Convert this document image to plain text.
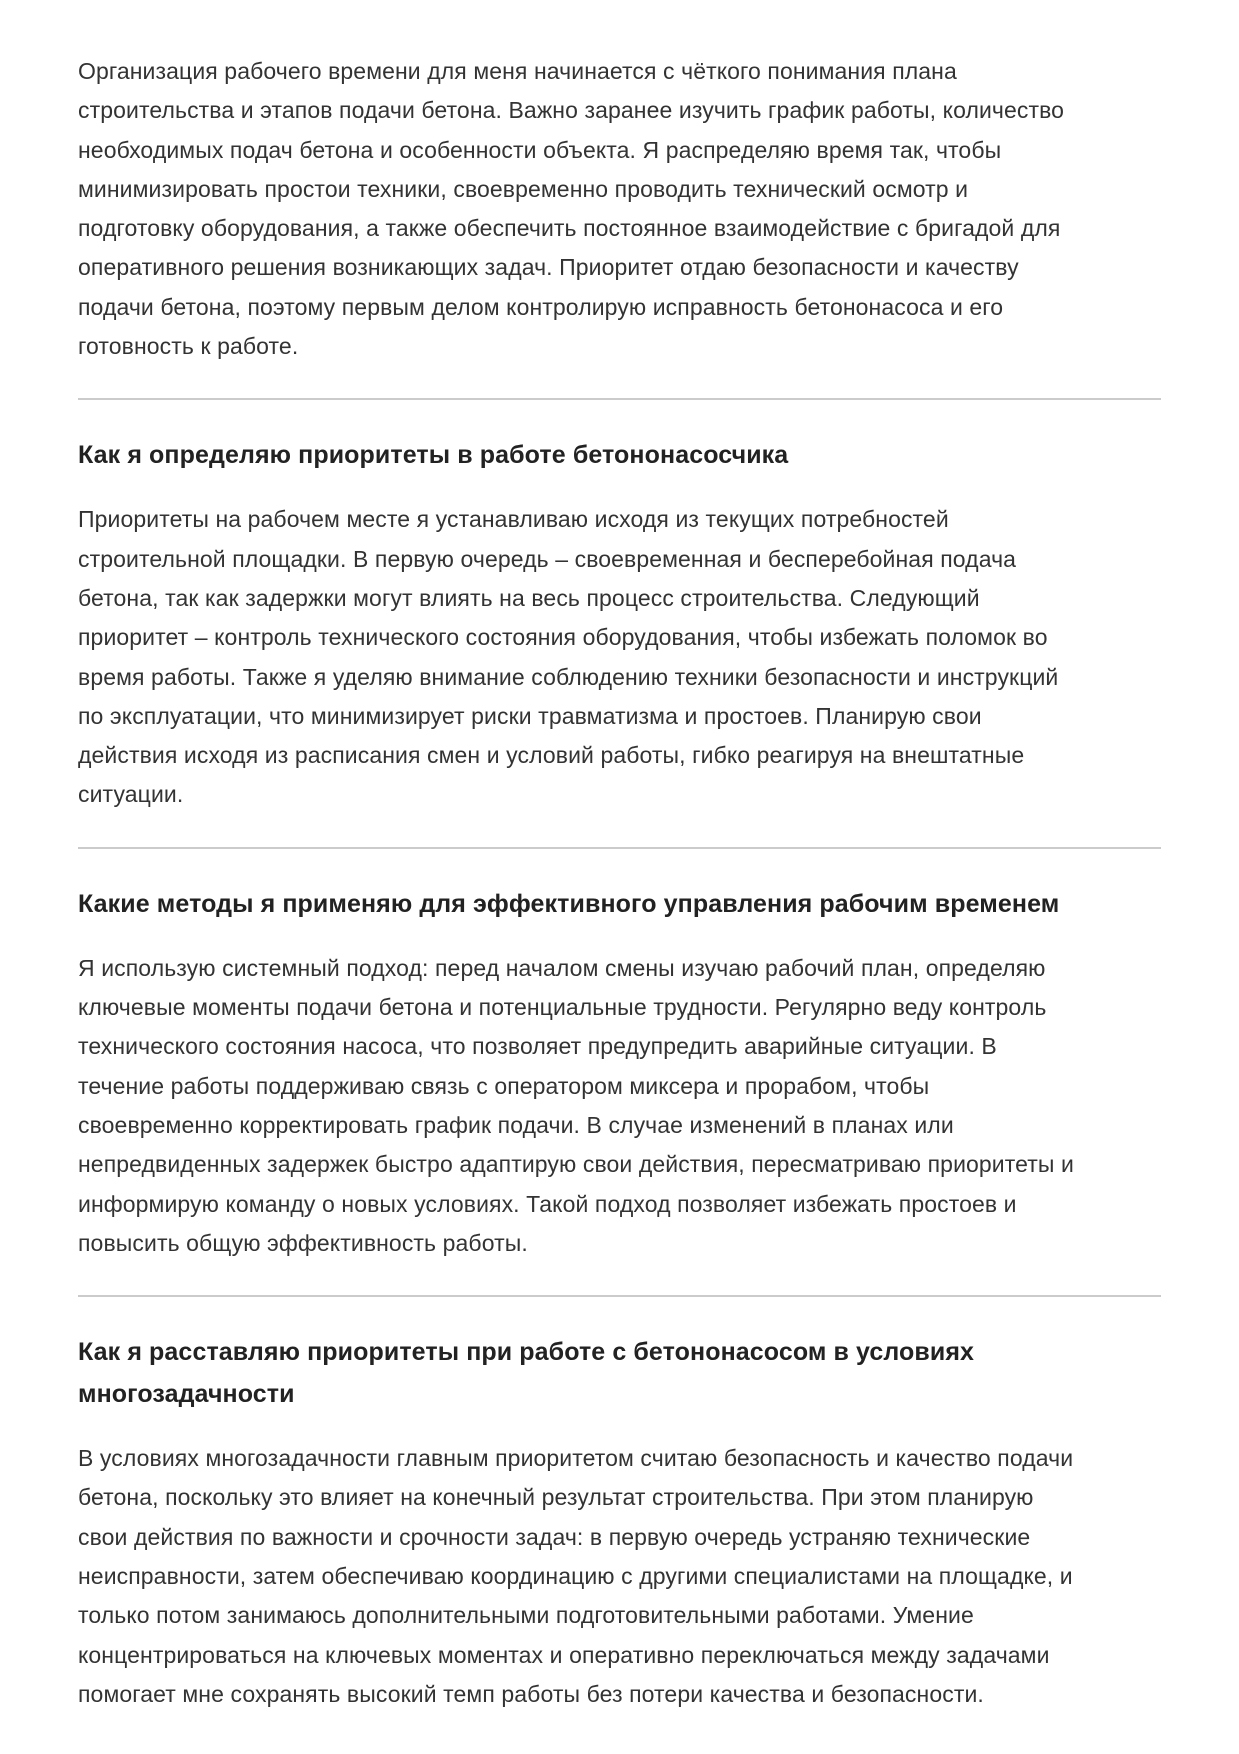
Организация рабочего времени для меня начинается с чёткого понимания плана
строительства и этапов подачи бетона. Важно заранее изучить график работы, количество
необходимых подач бетона и особенности объекта. Я распределяю время так, чтобы
минимизировать простои техники, своевременно проводить технический осмотр и
подготовку оборудования, а также обеспечить постоянное взаимодействие с бригадой для
оперативного решения возникающих задач. Приоритет отдаю безопасности и качеству
подачи бетона, поэтому первым делом контролирую исправность бетононасоса и его
готовность к работе.

Как я определяю приоритеты в работе бетононасосчика

Приоритеты на рабочем месте я устанавливаю исходя из текущих потребностей
строительной площадки. В первую очередь – своевременная и бесперебойная подача
бетона, так как задержки могут влиять на весь процесс строительства. Следующий
приоритет – контроль технического состояния оборудования, чтобы избежать поломок во
время работы. Также я уделяю внимание соблюдению техники безопасности и инструкций
по эксплуатации, что минимизирует риски травматизма и простоев. Планирую свои
действия исходя из расписания смен и условий работы, гибко реагируя на внештатные
ситуации.

Какие методы я применяю для эффективного управления рабочим временем

Я использую системный подход: перед началом смены изучаю рабочий план, определяю
ключевые моменты подачи бетона и потенциальные трудности. Регулярно веду контроль
технического состояния насоса, что позволяет предупредить аварийные ситуации. В
течение работы поддерживаю связь с оператором миксера и прорабом, чтобы
своевременно корректировать график подачи. В случае изменений в планах или
непредвиденных задержек быстро адаптирую свои действия, пересматриваю приоритеты и
информирую команду о новых условиях. Такой подход позволяет избежать простоев и
повысить общую эффективность работы.

Как я расставляю приоритеты при работе с бетононасосом в условиях
многозадачности

В условиях многозадачности главным приоритетом считаю безопасность и качество подачи
бетона, поскольку это влияет на конечный результат строительства. При этом планирую
свои действия по важности и срочности задач: в первую очередь устраняю технические
неисправности, затем обеспечиваю координацию с другими специалистами на площадке, и
только потом занимаюсь дополнительными подготовительными работами. Умение
концентрироваться на ключевых моментах и оперативно переключаться между задачами
помогает мне сохранять высокий темп работы без потери качества и безопасности.
